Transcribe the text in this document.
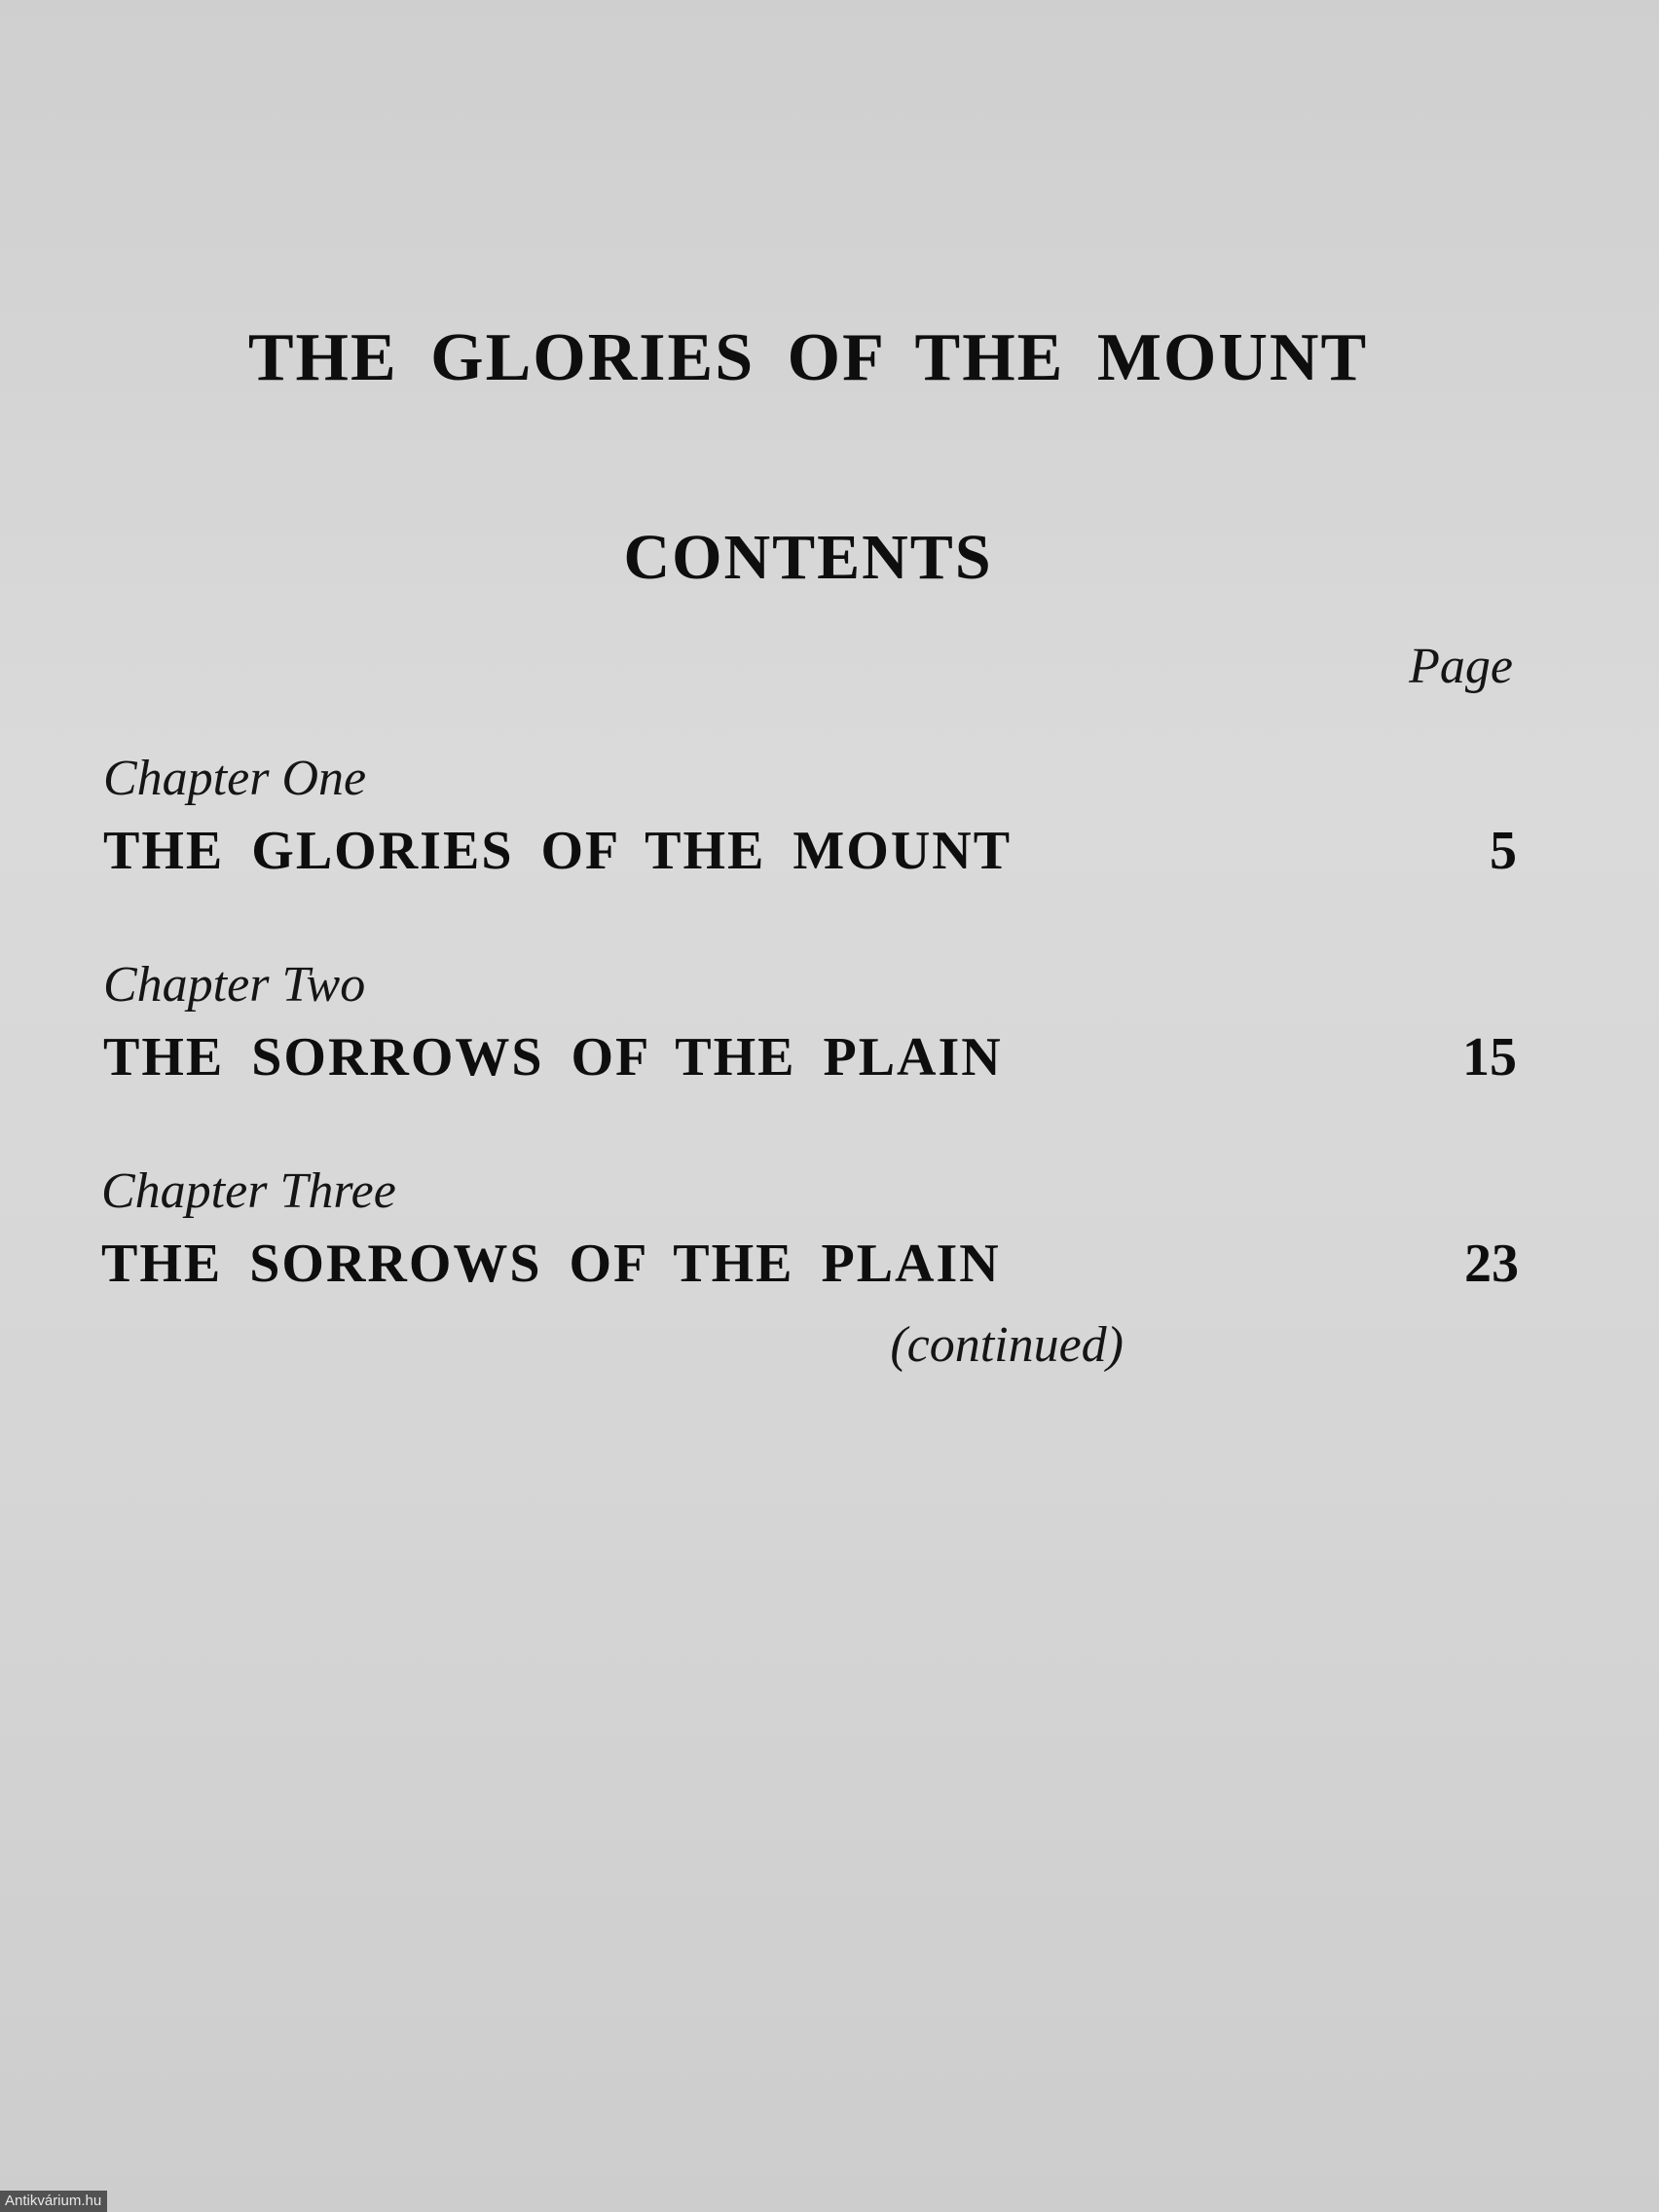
THE GLORIES OF THE MOUNT
CONTENTS
Page
Chapter One
THE GLORIES OF THE MOUNT	5
Chapter Two
THE SORROWS OF THE PLAIN	15
Chapter Three
THE SORROWS OF THE PLAIN	23
(continued)
Antikvárium.hu
